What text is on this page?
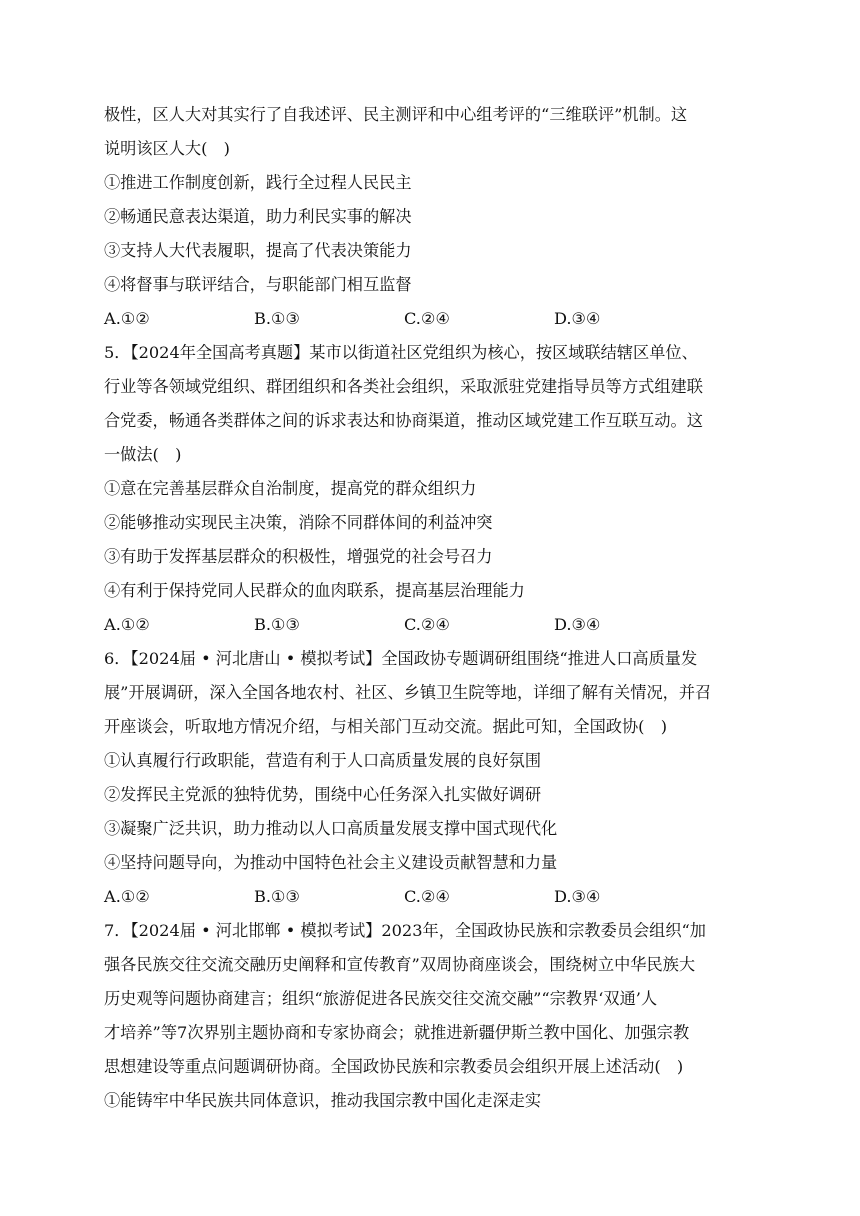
极性，区人大对其实行了自我述评、民主测评和中心组考评的“三维联评”机制。这
说明该区人大(　)
①推进工作制度创新，践行全过程人民民主
②畅通民意表达渠道，助力利民实事的解决
③支持人大代表履职，提高了代表决策能力
④将督事与联评结合，与职能部门相互监督
A.①②	B.①③	C.②④	D.③④
5．【2024年全国高考真题】某市以街道社区党组织为核心，按区域联结辖区单位、
行业等各领域党组织、群团组织和各类社会组织，采取派驻党建指导员等方式组建联
合党委，畅通各类群体之间的诉求表达和协商渠道，推动区域党建工作互联互动。这
一做法(　)
①意在完善基层群众自治制度，提高党的群众组织力
②能够推动实现民主决策，消除不同群体间的利益冲突
③有助于发挥基层群众的积极性，增强党的社会号召力
④有利于保持党同人民群众的血肉联系，提高基层治理能力
A.①②	B.①③	C.②④	D.③④
6．【2024届 • 河北唐山 • 模拟考试】全国政协专题调研组围绕“推进人口高质量发
展”开展调研，深入全国各地农村、社区、乡镇卫生院等地，详细了解有关情况，并召
开座谈会，听取地方情况介绍，与相关部门互动交流。据此可知，全国政协(　)
①认真履行行政职能，营造有利于人口高质量发展的良好氛围
②发挥民主党派的独特优势，围绕中心任务深入扎实做好调研
③凝聚广泛共识，助力推动以人口高质量发展支撑中国式现代化
④坚持问题导向，为推动中国特色社会主义建设贡献智慧和力量
A.①②	B.①③	C.②④	D.③④
7．【2024届 • 河北邯郸 • 模拟考试】2023年，全国政协民族和宗教委员会组织“加
强各民族交往交流交融历史阐释和宣传教育”双周协商座谈会，围绕树立中华民族大
历史观等问题协商建言；组织“旅游促进各民族交往交流交融”“宗教界‘双通’人
才培养”等7次界别主题协商和专家协商会；就推进新疆伊斯兰教中国化、加强宗教
思想建设等重点问题调研协商。全国政协民族和宗教委员会组织开展上述活动(　)
①能铸牢中华民族共同体意识，推动我国宗教中国化走深走实
